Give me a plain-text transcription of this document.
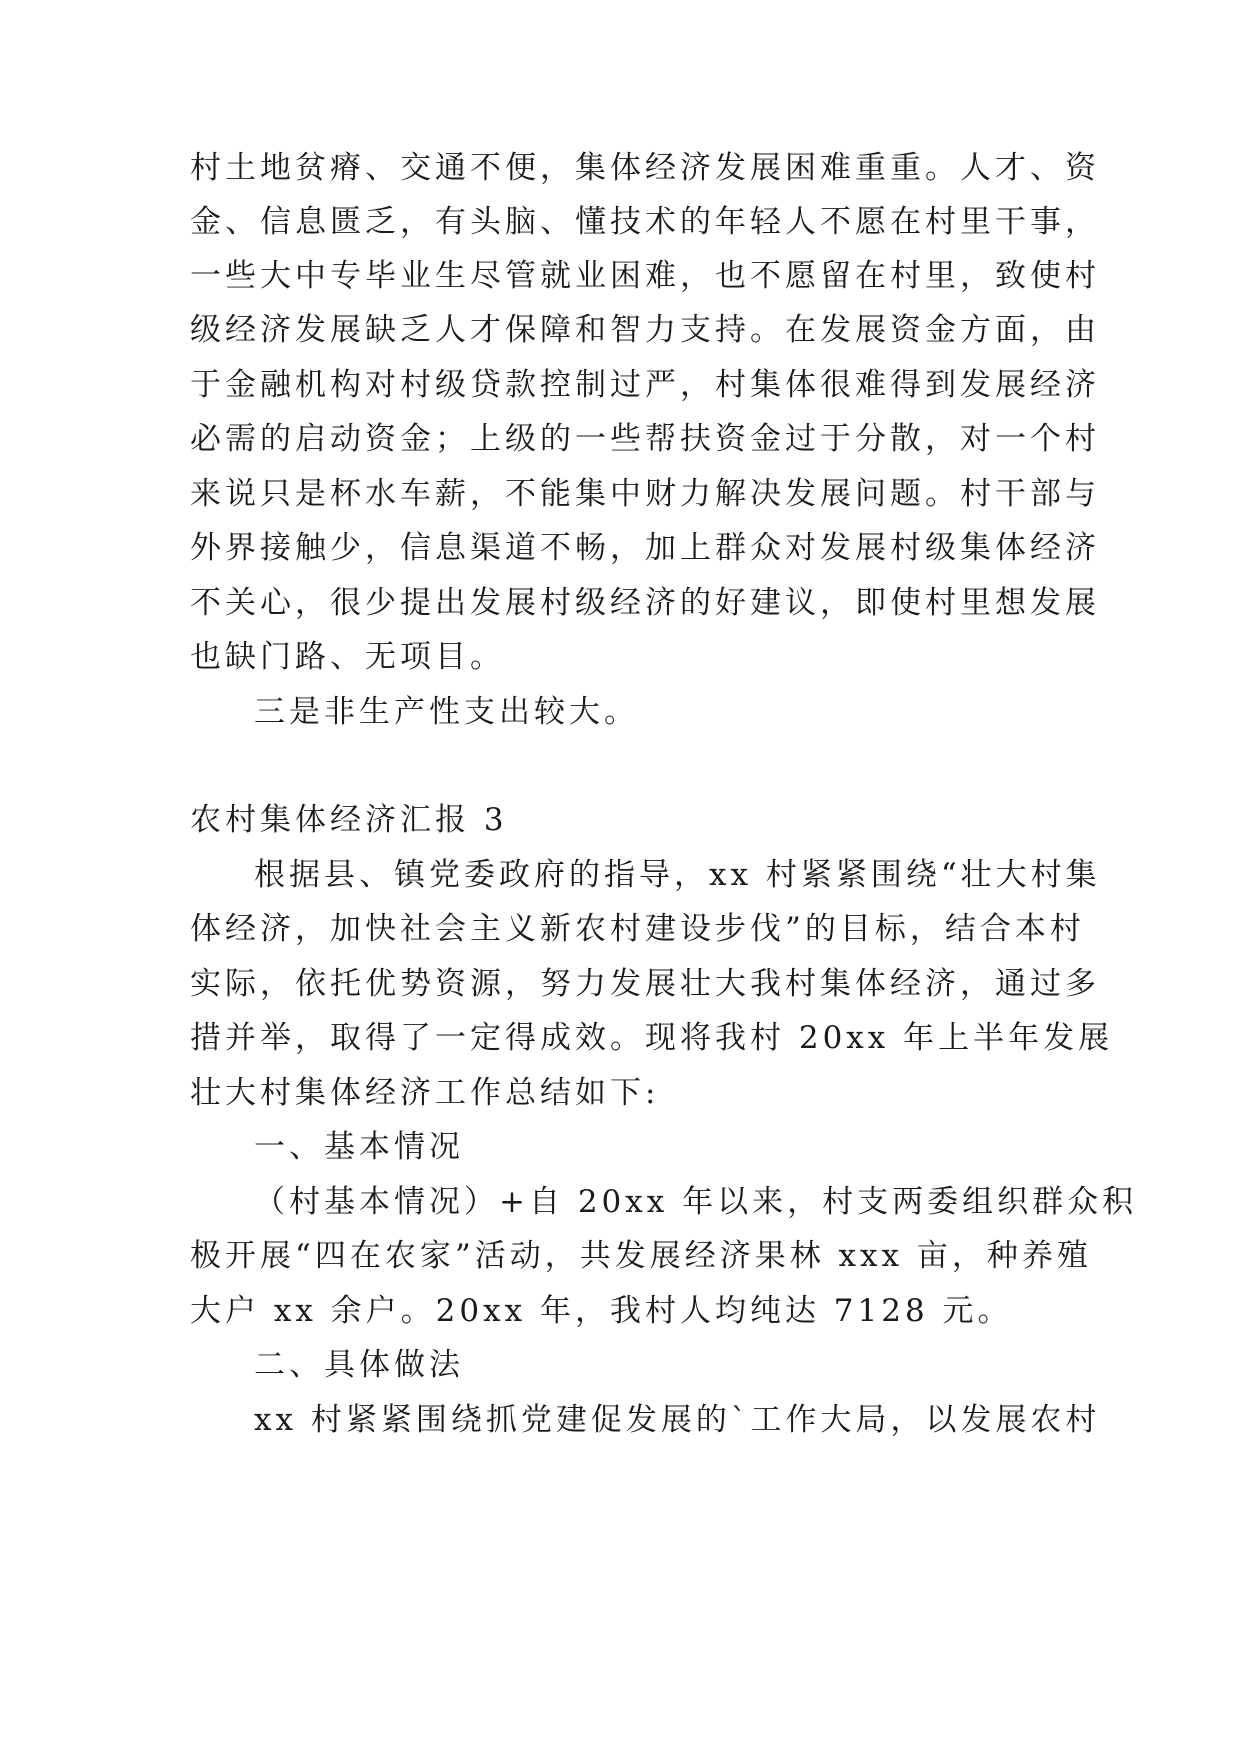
村土地贫瘠、交通不便，集体经济发展困难重重。人才、资

金、信息匮乏，有头脑、懂技术的年轻人不愿在村里干事，

一些大中专毕业生尽管就业困难，也不愿留在村里，致使村

级经济发展缺乏人才保障和智力支持。在发展资金方面，由

于金融机构对村级贷款控制过严，村集体很难得到发展经济

必需的启动资金；上级的一些帮扶资金过于分散，对一个村

来说只是杯水车薪，不能集中财力解决发展问题。村干部与

外界接触少，信息渠道不畅，加上群众对发展村级集体经济

不关心，很少提出发展村级经济的好建议，即使村里想发展

也缺门路、无项目。

三是非生产性支出较大。

农村集体经济汇报 3

根据县、镇党委政府的指导，xx 村紧紧围绕“壮大村集

体经济，加快社会主义新农村建设步伐”的目标，结合本村

实际，依托优势资源，努力发展壮大我村集体经济，通过多

措并举，取得了一定得成效。现将我村 20xx 年上半年发展

壮大村集体经济工作总结如下:

一、基本情况

（村基本情况）+自 20xx 年以来，村支两委组织群众积

极开展“四在农家”活动，共发展经济果林 xxx 亩，种养殖

大户 xx 余户。20xx 年，我村人均纯达 7128 元。

二、具体做法

xx 村紧紧围绕抓党建促发展的`工作大局，以发展农村
